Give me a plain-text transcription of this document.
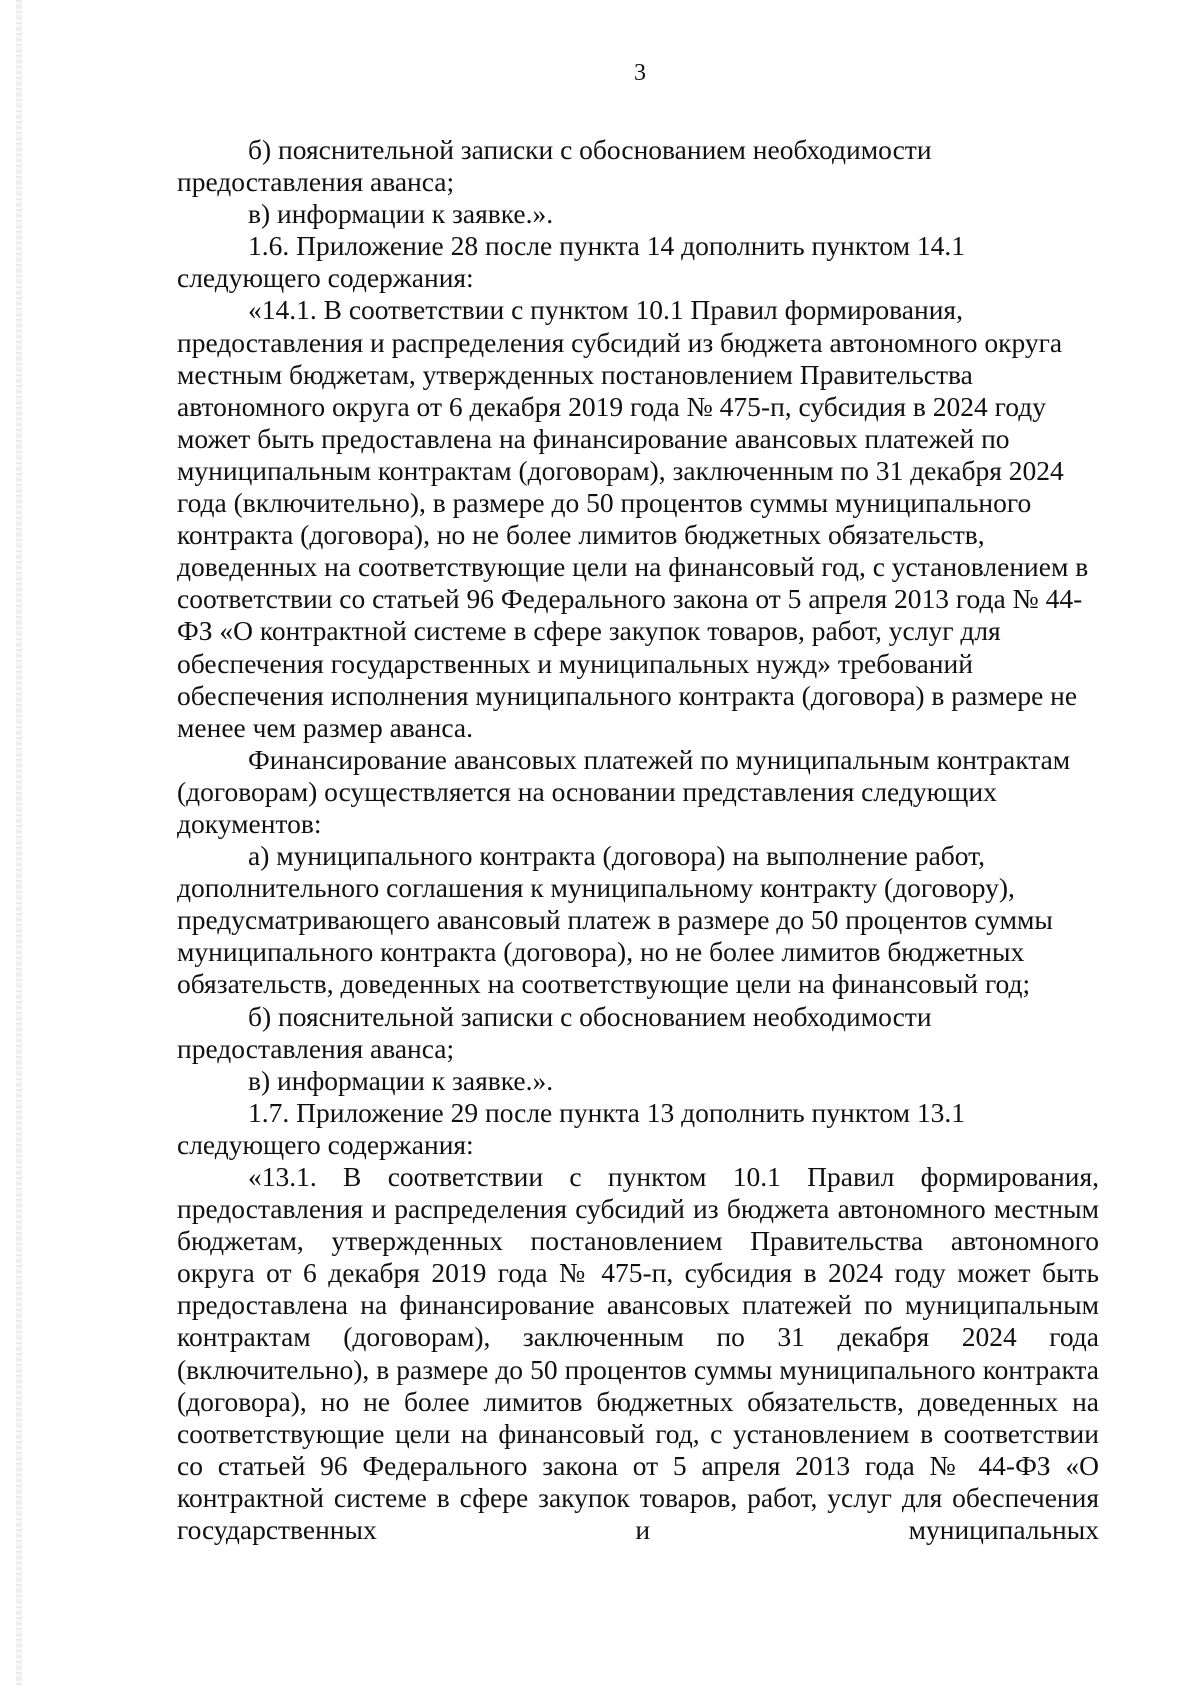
3

б) пояснительной записки с обоснованием необходимости предоставления аванса;

в) информации к заявке.».

1.6. Приложение 28 после пункта 14 дополнить пунктом 14.1 следующего содержания:

«14.1. В соответствии с пунктом 10.1 Правил формирования, предоставления и распределения субсидий из бюджета автономного округа местным бюджетам, утвержденных постановлением Правительства автономного округа от 6 декабря 2019 года № 475-п, субсидия в 2024 году может быть предоставлена на финансирование авансовых платежей по муниципальным контрактам (договорам), заключенным по 31 декабря 2024 года (включительно), в размере до 50 процентов суммы муниципального контракта (договора), но не более лимитов бюджетных обязательств, доведенных на соответствующие цели на финансовый год, с установлением в соответствии со статьей 96 Федерального закона от 5 апреля 2013 года № 44-ФЗ «О контрактной системе в сфере закупок товаров, работ, услуг для обеспечения государственных и муниципальных нужд» требований обеспечения исполнения муниципального контракта (договора) в размере не менее чем размер аванса.

Финансирование авансовых платежей по муниципальным контрактам (договорам) осуществляется на основании представления следующих документов:

а) муниципального контракта (договора) на выполнение работ, дополнительного соглашения к муниципальному контракту (договору), предусматривающего авансовый платеж в размере до 50 процентов суммы муниципального контракта (договора), но не более лимитов бюджетных обязательств, доведенных на соответствующие цели на финансовый год;

б) пояснительной записки с обоснованием необходимости предоставления аванса;

в) информации к заявке.».

1.7. Приложение 29 после пункта 13 дополнить пунктом 13.1 следующего содержания:

«13.1. В соответствии с пунктом 10.1 Правил формирования, предоставления и распределения субсидий из бюджета автономного местным бюджетам, утвержденных постановлением Правительства автономного округа от 6 декабря 2019 года № 475-п, субсидия в 2024 году может быть предоставлена на финансирование авансовых платежей по муниципальным контрактам (договорам), заключенным по 31 декабря 2024 года (включительно), в размере до 50 процентов суммы муниципального контракта (договора), но не более лимитов бюджетных обязательств, доведенных на соответствующие цели на финансовый год, с установлением в соответствии со статьей 96 Федерального закона от 5 апреля 2013 года № 44-ФЗ «О контрактной системе в сфере закупок товаров, работ, услуг для обеспечения государственных и муниципальных
